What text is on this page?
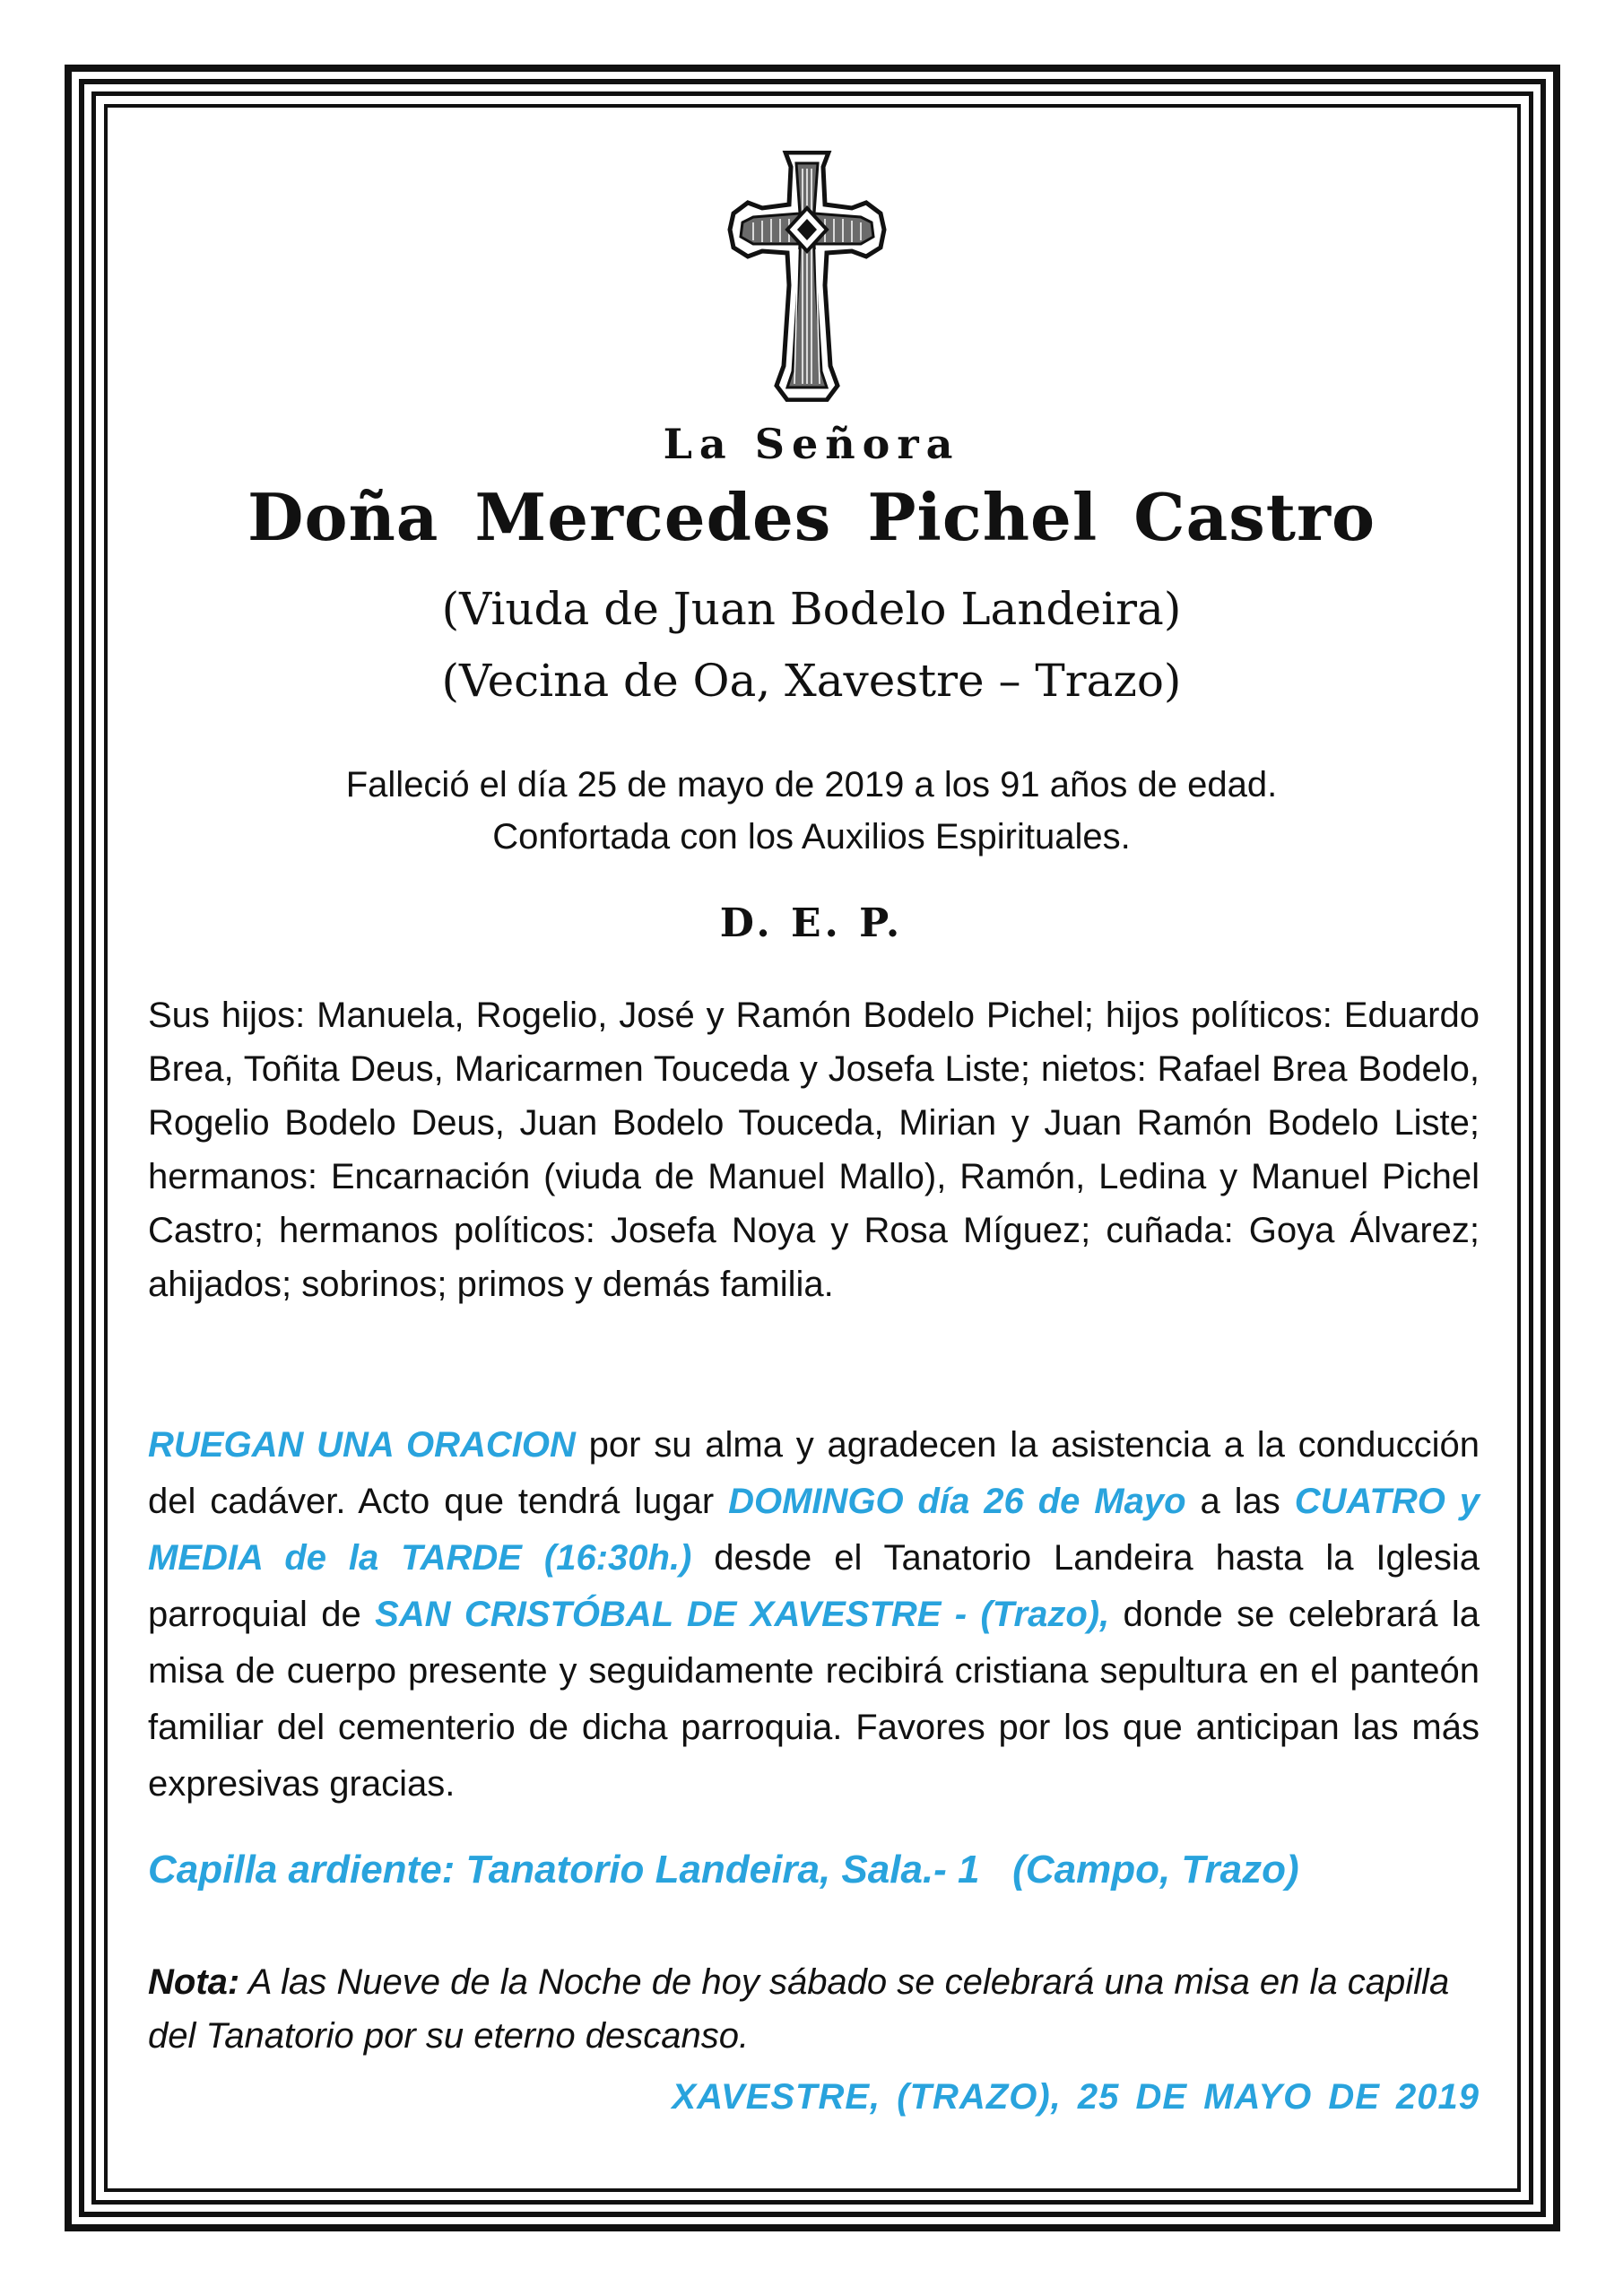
La Señora
Doña Mercedes Pichel Castro
(Viuda de Juan Bodelo Landeira)
(Vecina de Oa, Xavestre – Trazo)
Falleció el día 25 de mayo de 2019 a los 91 años de edad.
Confortada con los Auxilios Espirituales.
D. E. P.
Sus hijos: Manuela, Rogelio, José y Ramón Bodelo Pichel; hijos políticos: Eduardo Brea, Toñita Deus, Maricarmen Touceda y Josefa Liste; nietos: Rafael Brea Bodelo, Rogelio Bodelo Deus, Juan Bodelo Touceda, Mirian y Juan Ramón Bodelo Liste; hermanos: Encarnación (viuda de Manuel Mallo), Ramón, Ledina y Manuel Pichel Castro; hermanos políticos: Josefa Noya y Rosa Míguez; cuñada: Goya Álvarez; ahijados; sobrinos; primos y demás familia.
RUEGAN UNA ORACION por su alma y agradecen la asistencia a la conducción del cadáver. Acto que tendrá lugar DOMINGO día 26 de Mayo a las CUATRO y MEDIA de la TARDE (16:30h.) desde el Tanatorio Landeira hasta la Iglesia parroquial de SAN CRISTÓBAL DE XAVESTRE - (Trazo), donde se celebrará la misa de cuerpo presente y seguidamente recibirá cristiana sepultura en el panteón familiar del cementerio de dicha parroquia. Favores por los que anticipan las más expresivas gracias.
Capilla ardiente: Tanatorio Landeira, Sala.- 1   (Campo, Trazo)
Nota: A las Nueve de la Noche de hoy sábado se celebrará una misa en la capilla del Tanatorio por su eterno descanso.
XAVESTRE, (TRAZO), 25 DE MAYO DE 2019
